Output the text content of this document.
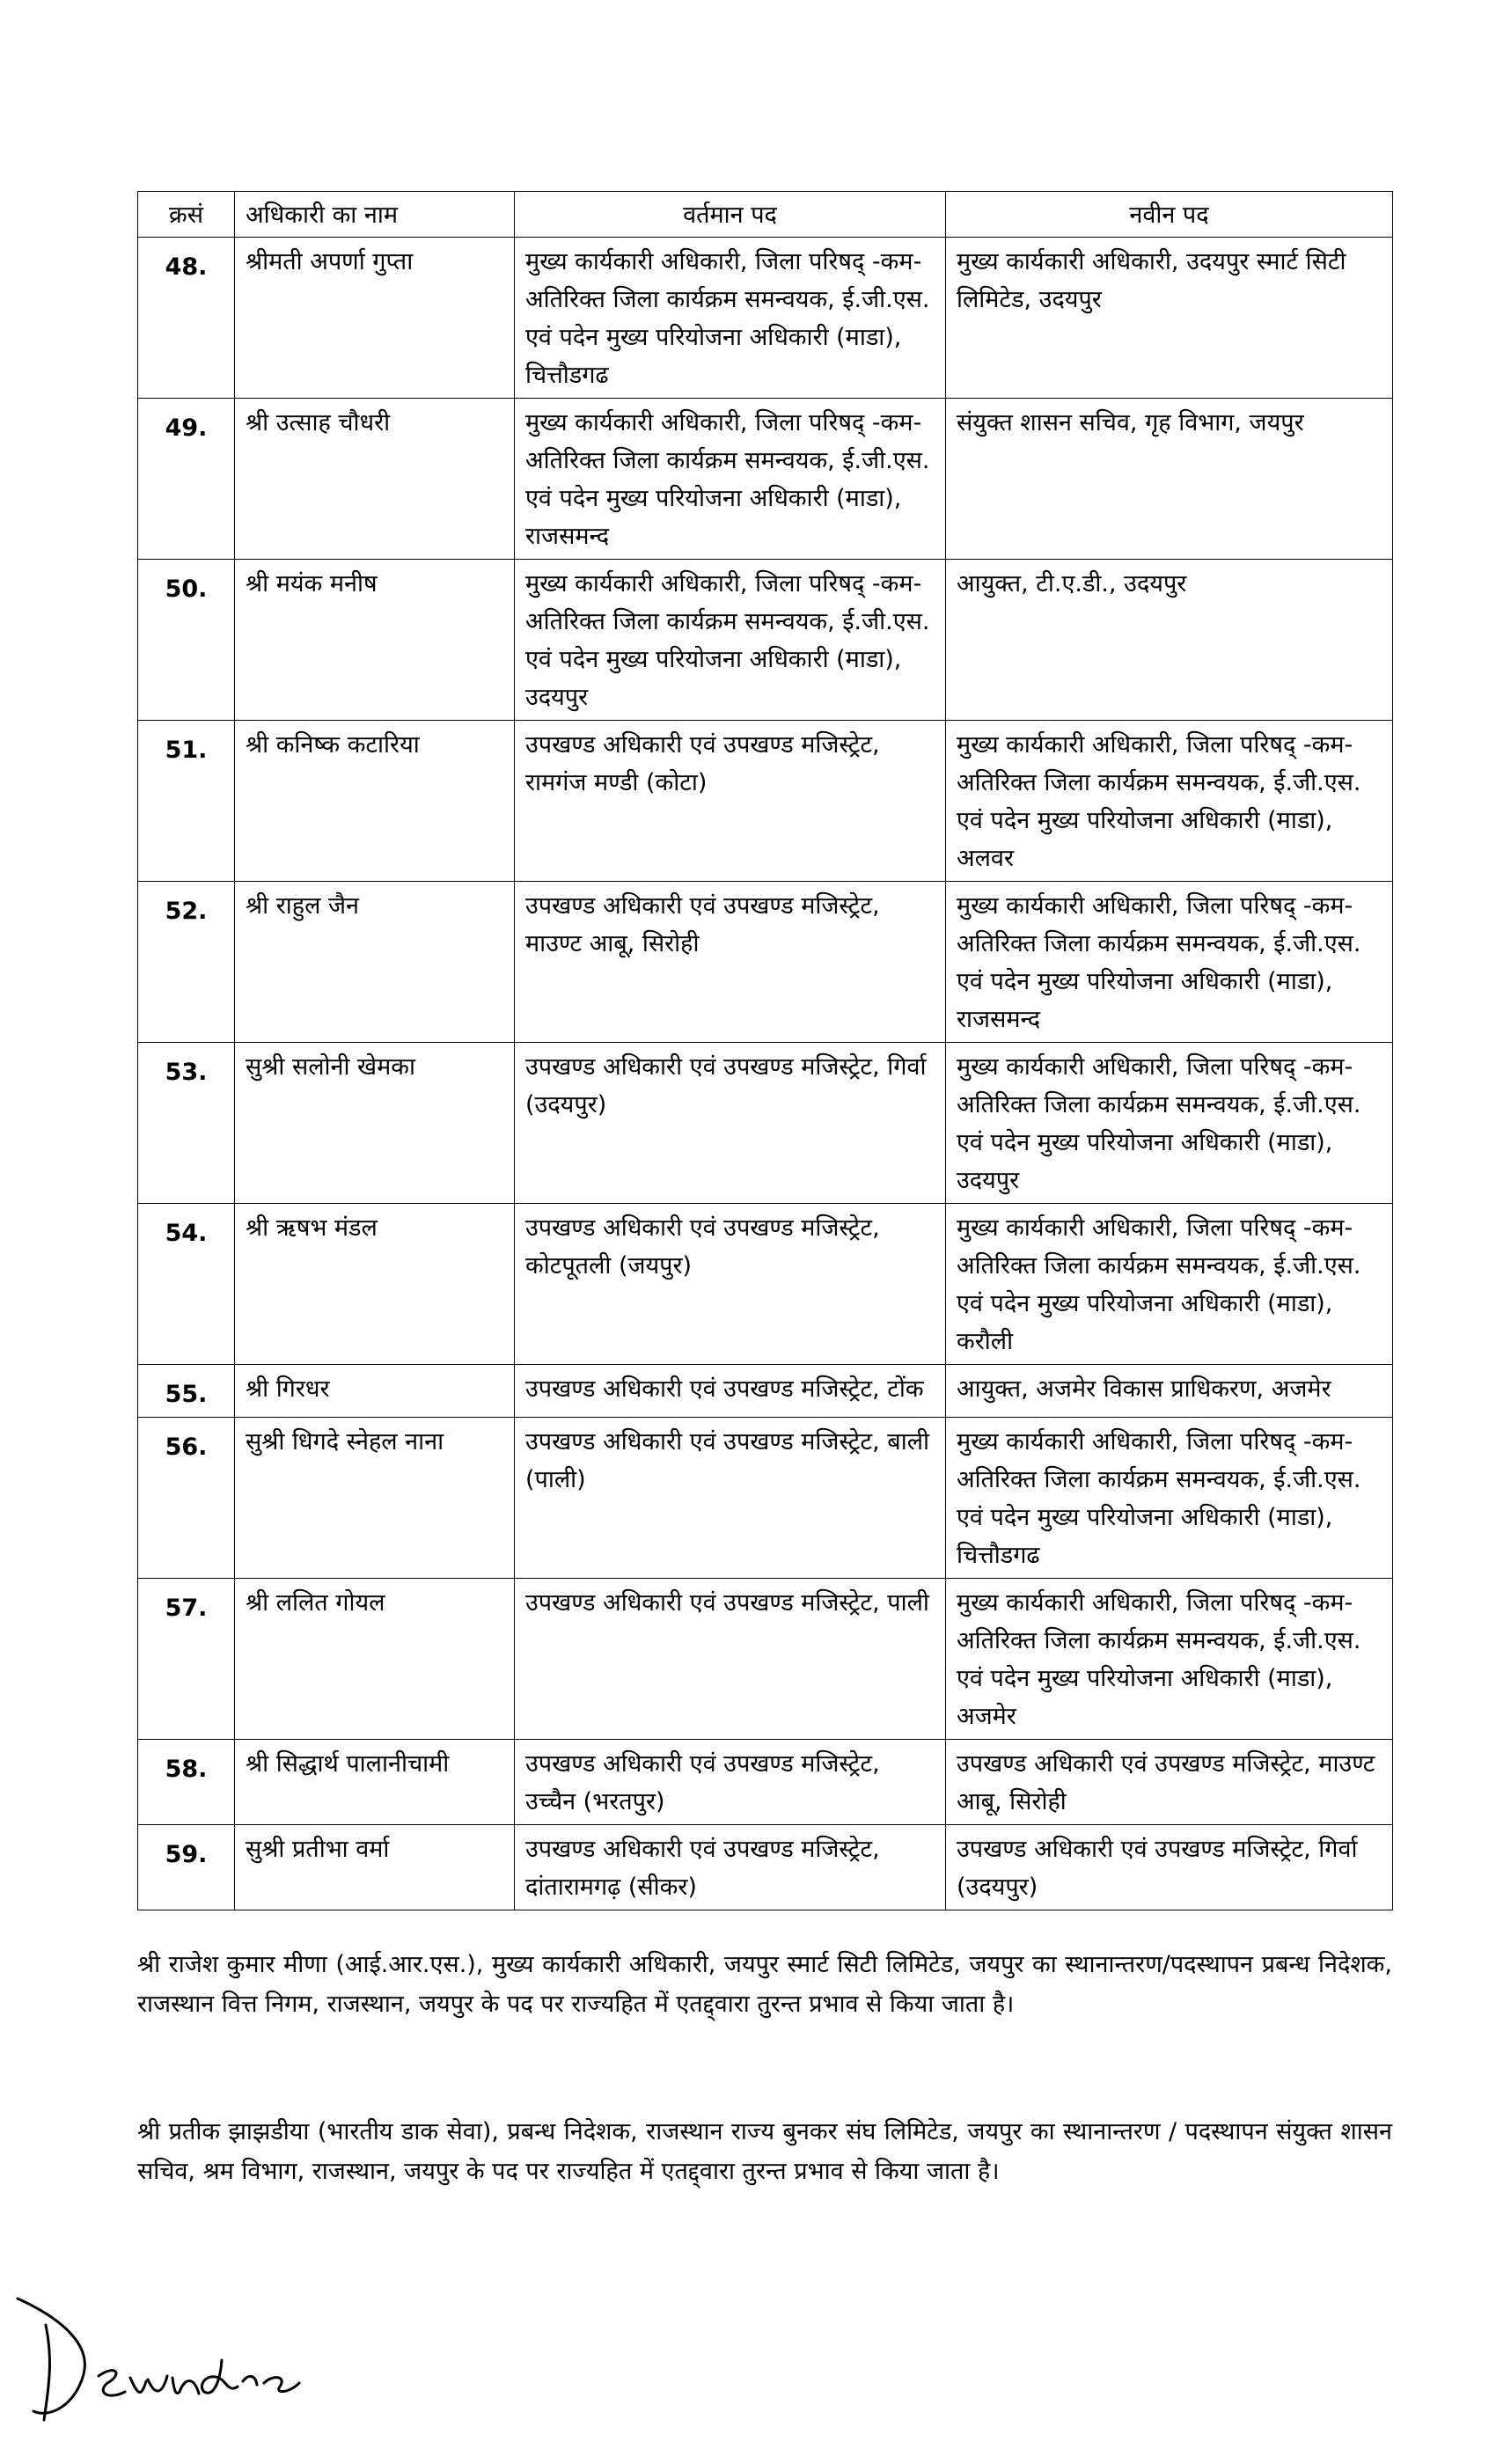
क्रसं	अधिकारी का नाम	वर्तमान पद	नवीन पद
48.	श्रीमती अपर्णा गुप्ता	मुख्य कार्यकारी अधिकारी, जिला परिषद् -कम- अतिरिक्त जिला कार्यक्रम समन्वयक, ई.जी.एस. एवं पदेन मुख्य परियोजना अधिकारी (माडा), चित्तौडगढ	मुख्य कार्यकारी अधिकारी, उदयपुर स्मार्ट सिटी लिमिटेड, उदयपुर
49.	श्री उत्साह चौधरी	मुख्य कार्यकारी अधिकारी, जिला परिषद् -कम- अतिरिक्त जिला कार्यक्रम समन्वयक, ई.जी.एस. एवं पदेन मुख्य परियोजना अधिकारी (माडा), राजसमन्द	संयुक्त शासन सचिव, गृह विभाग, जयपुर
50.	श्री मयंक मनीष	मुख्य कार्यकारी अधिकारी, जिला परिषद् -कम- अतिरिक्त जिला कार्यक्रम समन्वयक, ई.जी.एस. एवं पदेन मुख्य परियोजना अधिकारी (माडा), उदयपुर	आयुक्त, टी.ए.डी., उदयपुर
51.	श्री कनिष्क कटारिया	उपखण्ड अधिकारी एवं उपखण्ड मजिस्ट्रेट, रामगंज मण्डी (कोटा)	मुख्य कार्यकारी अधिकारी, जिला परिषद् -कम- अतिरिक्त जिला कार्यक्रम समन्वयक, ई.जी.एस. एवं पदेन मुख्य परियोजना अधिकारी (माडा), अलवर
52.	श्री राहुल जैन	उपखण्ड अधिकारी एवं उपखण्ड मजिस्ट्रेट, माउण्ट आबू, सिरोही	मुख्य कार्यकारी अधिकारी, जिला परिषद् -कम- अतिरिक्त जिला कार्यक्रम समन्वयक, ई.जी.एस. एवं पदेन मुख्य परियोजना अधिकारी (माडा), राजसमन्द
53.	सुश्री सलोनी खेमका	उपखण्ड अधिकारी एवं उपखण्ड मजिस्ट्रेट, गिर्वा (उदयपुर)	मुख्य कार्यकारी अधिकारी, जिला परिषद् -कम- अतिरिक्त जिला कार्यक्रम समन्वयक, ई.जी.एस. एवं पदेन मुख्य परियोजना अधिकारी (माडा), उदयपुर
54.	श्री ऋषभ मंडल	उपखण्ड अधिकारी एवं उपखण्ड मजिस्ट्रेट, कोटपूतली (जयपुर)	मुख्य कार्यकारी अधिकारी, जिला परिषद् -कम- अतिरिक्त जिला कार्यक्रम समन्वयक, ई.जी.एस. एवं पदेन मुख्य परियोजना अधिकारी (माडा), करौली
55.	श्री गिरधर	उपखण्ड अधिकारी एवं उपखण्ड मजिस्ट्रेट, टोंक	आयुक्त, अजमेर विकास प्राधिकरण, अजमेर
56.	सुश्री धिगदे स्नेहल नाना	उपखण्ड अधिकारी एवं उपखण्ड मजिस्ट्रेट, बाली (पाली)	मुख्य कार्यकारी अधिकारी, जिला परिषद् -कम- अतिरिक्त जिला कार्यक्रम समन्वयक, ई.जी.एस. एवं पदेन मुख्य परियोजना अधिकारी (माडा), चित्तौडगढ
57.	श्री ललित गोयल	उपखण्ड अधिकारी एवं उपखण्ड मजिस्ट्रेट, पाली	मुख्य कार्यकारी अधिकारी, जिला परिषद् -कम- अतिरिक्त जिला कार्यक्रम समन्वयक, ई.जी.एस. एवं पदेन मुख्य परियोजना अधिकारी (माडा), अजमेर
58.	श्री सिद्धार्थ पालानीचामी	उपखण्ड अधिकारी एवं उपखण्ड मजिस्ट्रेट, उच्चैन (भरतपुर)	उपखण्ड अधिकारी एवं उपखण्ड मजिस्ट्रेट, माउण्ट आबू, सिरोही
59.	सुश्री प्रतीभा वर्मा	उपखण्ड अधिकारी एवं उपखण्ड मजिस्ट्रेट, दांतारामगढ़ (सीकर)	उपखण्ड अधिकारी एवं उपखण्ड मजिस्ट्रेट, गिर्वा (उदयपुर)

श्री राजेश कुमार मीणा (आई.आर.एस.), मुख्य कार्यकारी अधिकारी, जयपुर स्मार्ट सिटी लिमिटेड, जयपुर का स्थानान्तरण/पदस्थापन प्रबन्ध निदेशक, राजस्थान वित्त निगम, राजस्थान, जयपुर के पद पर राज्यहित में एतद्द्वारा तुरन्त प्रभाव से किया जाता है।

श्री प्रतीक झाझडीया (भारतीय डाक सेवा), प्रबन्ध निदेशक, राजस्थान राज्य बुनकर संघ लिमिटेड, जयपुर का स्थानान्तरण / पदस्थापन संयुक्त शासन सचिव, श्रम विभाग, राजस्थान, जयपुर के पद पर राज्यहित में एतद्द्वारा तुरन्त प्रभाव से किया जाता है।
